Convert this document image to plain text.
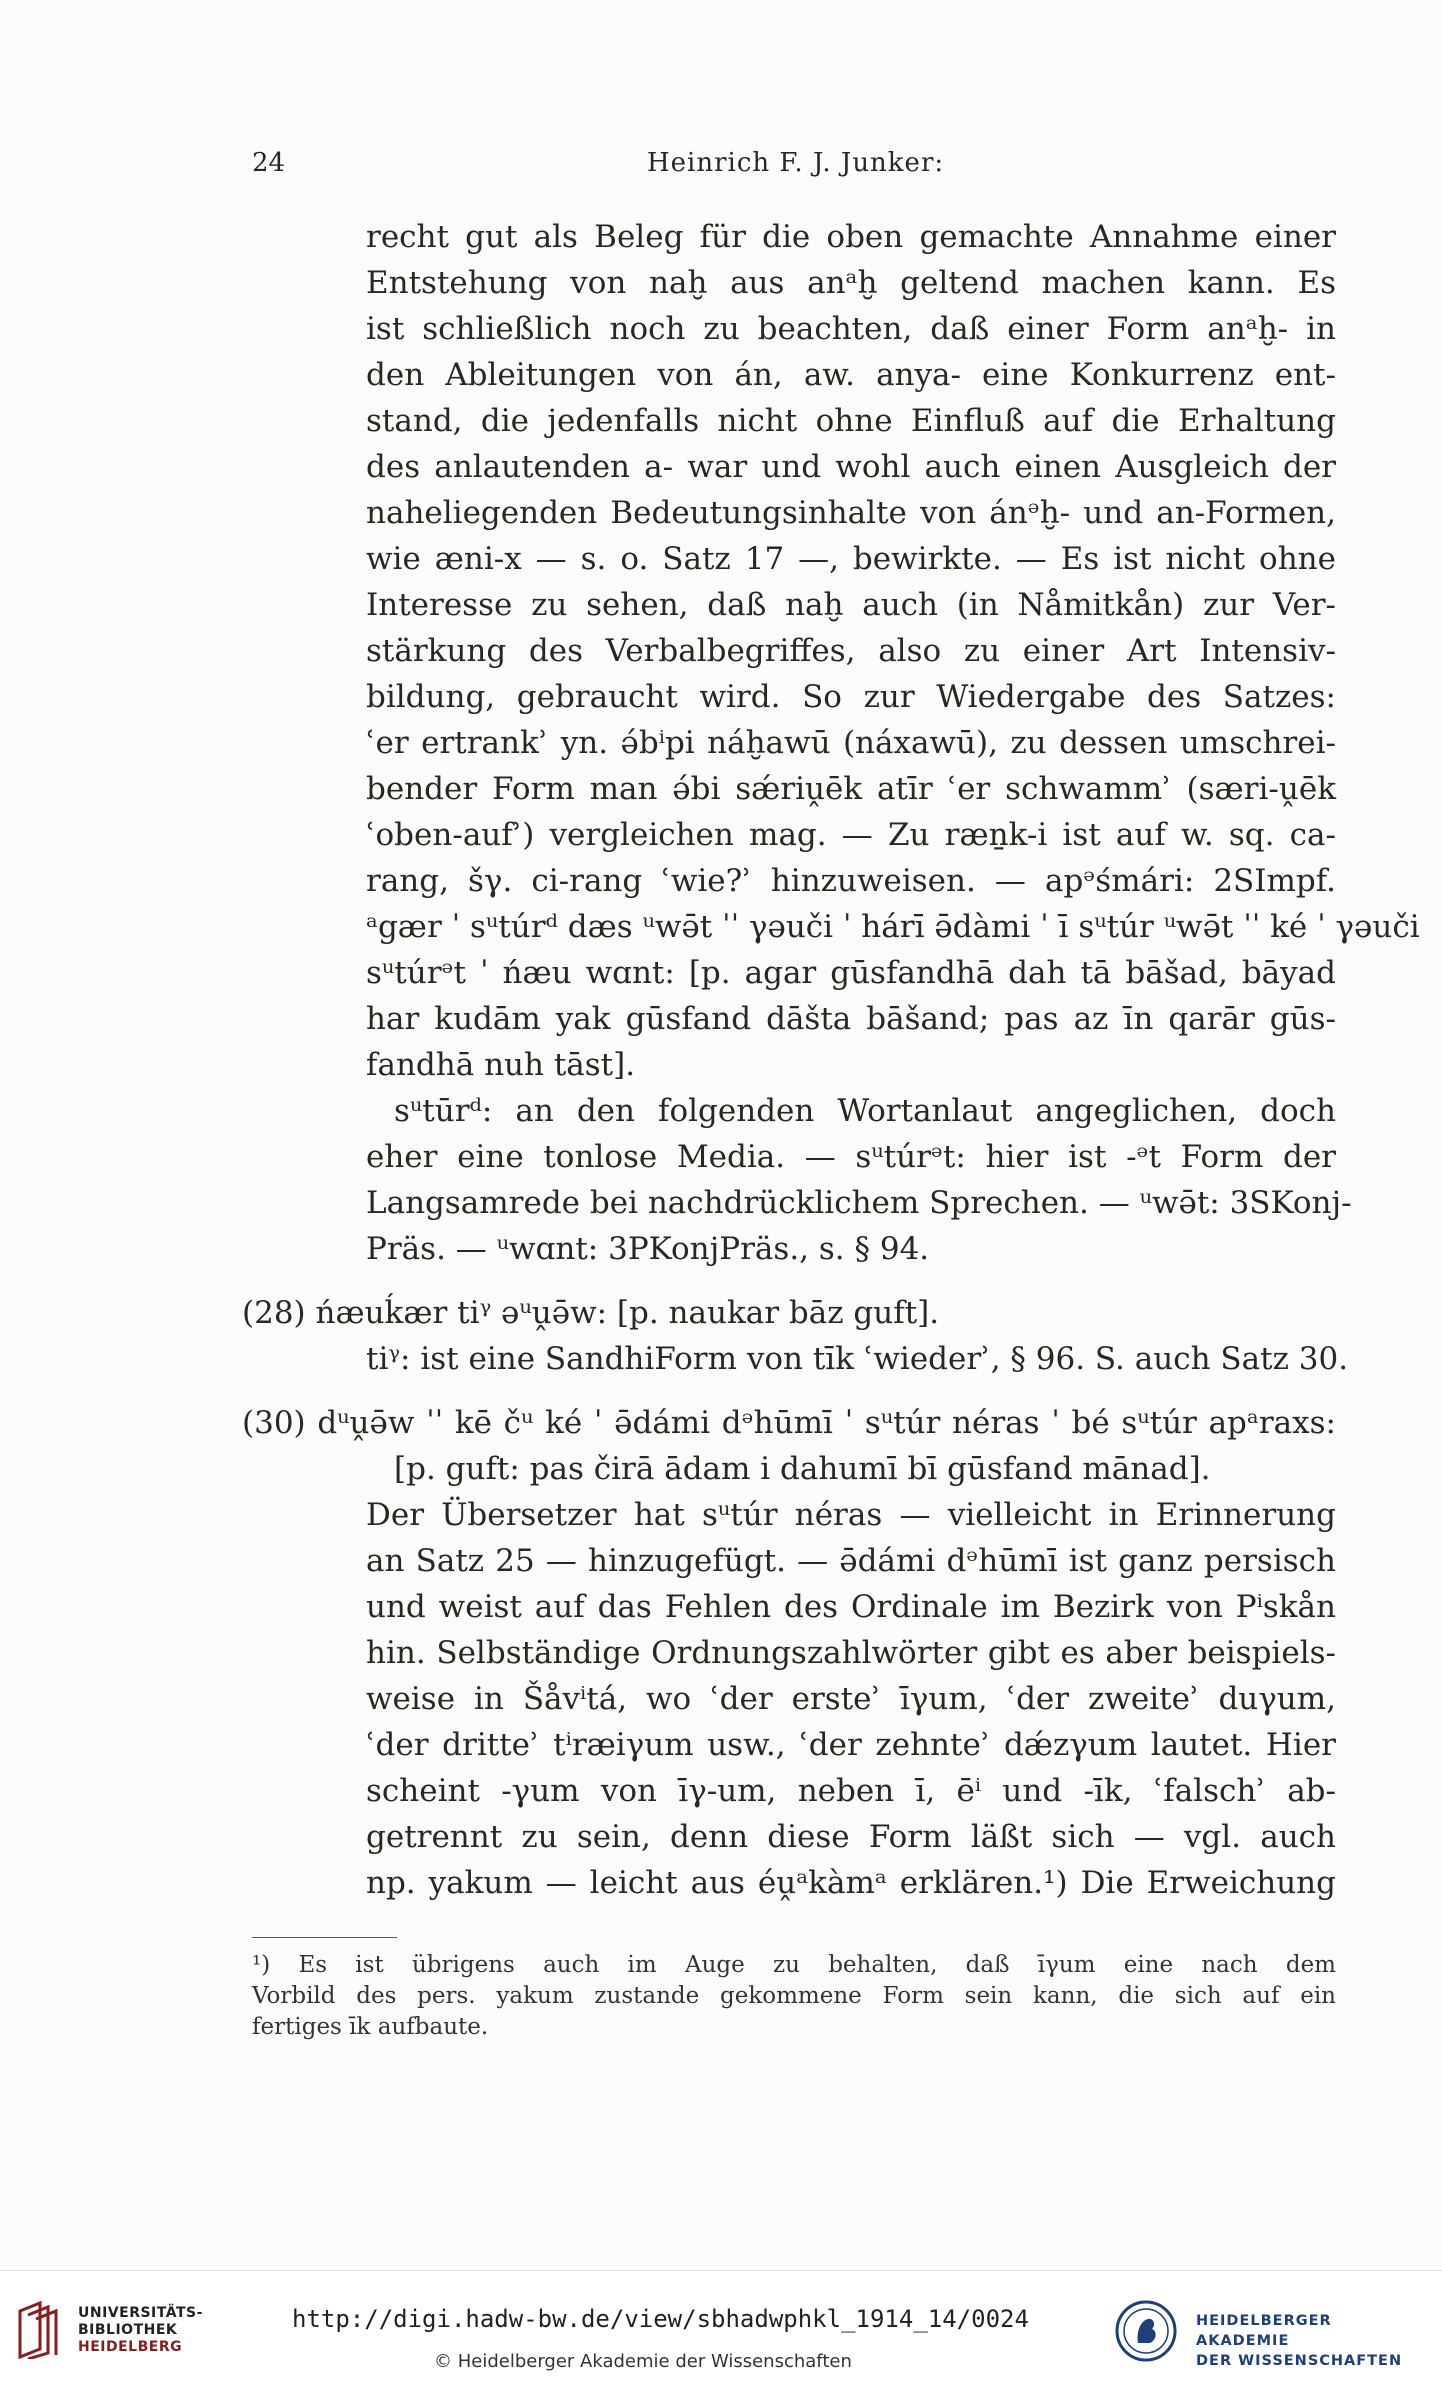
24	Heinrich F. J. Junker:
recht gut als Beleg für die oben gemachte Annahme einer
Entstehung von naḫ aus anᵃḫ geltend machen kann. Es
ist schließlich noch zu beachten, daß einer Form anᵃḫ- in
den Ableitungen von án, aw. anya- eine Konkurrenz ent-
stand, die jedenfalls nicht ohne Einfluß auf die Erhaltung
des anlautenden a- war und wohl auch einen Ausgleich der
naheliegenden Bedeutungsinhalte von ánᵊḫ- und an-Formen,
wie æni-x — s. o. Satz 17 —, bewirkte. — Es ist nicht ohne
Interesse zu sehen, daß naḫ auch (in Nåmitkån) zur Ver-
stärkung des Verbalbegriffes, also zu einer Art Intensiv-
bildung, gebraucht wird. So zur Wiedergabe des Satzes:
ʿer ertrankʾ yn. ə́bⁱpi náḫawū (náxawū), zu dessen umschrei-
bender Form man ə́bi sǽriṷēk atīr ʿer schwammʾ (særi-ṷēk
ʿoben-aufʾ) vergleichen mag. — Zu ræṉk-i ist auf w. sq. ca-
rang, šγ. ci-rang ʿwie?ʾ hinzuweisen. — apᵊśmári: 2SImpf.
ᵃgær ˈ sᵘtúrᵈ dæs ᵘwə̄t ˈˈ γəuči ˈ hárī ə̄dàmi ˈ ī sᵘtúr ᵘwə̄t ˈˈ ké ˈ γəuči
sᵘtúrᵊt ˈ ńæu wɑnt: [p. agar gūsfandhā dah tā bāšad, bāyad
har kudām yak gūsfand dāšta bāšand; pas az īn qarār gūs-
fandhā nuh tāst].
sᵘtūrᵈ: an den folgenden Wortanlaut angeglichen, doch
eher eine tonlose Media. — sᵘtúrᵊt: hier ist -ᵊt Form der
Langsamrede bei nachdrücklichem Sprechen. — ᵘwə̄t: 3SKonj-
Präs. — ᵘwɑnt: 3PKonjPräs., s. § 94.
(28) ńæuḱær tiᵞ əᵘṷə̄w: [p. naukar bāz guft].
tiᵞ: ist eine SandhiForm von tīk ʿwiederʾ, § 96. S. auch Satz 30.
(30) dᵘṷə̄w ˈˈ kē čᵘ ké ˈ ə̄dámi dᵊhūmī ˈ sᵘtúr néras ˈ bé sᵘtúr apᵃraxs:
[p. guft: pas čirā ādam i dahumī bī gūsfand mānad].
Der Übersetzer hat sᵘtúr néras — vielleicht in Erinnerung
an Satz 25 — hinzugefügt. — ə̄dámi dᵊhūmī ist ganz persisch
und weist auf das Fehlen des Ordinale im Bezirk von Pⁱskån
hin. Selbständige Ordnungszahlwörter gibt es aber beispiels-
weise in Šåvⁱtá, wo ʿder ersteʾ īγum, ʿder zweiteʾ duγum,
ʿder dritteʾ tⁱræiγum usw., ʿder zehnteʾ dǽzγum lautet. Hier
scheint -γum von īγ-um, neben ī, ēⁱ und -īk, ʿfalschʾ ab-
getrennt zu sein, denn diese Form läßt sich — vgl. auch
np. yakum — leicht aus éṷᵃkàmᵃ erklären.¹) Die Erweichung
¹) Es ist übrigens auch im Auge zu behalten, daß īγum eine nach dem
Vorbild des pers. yakum zustande gekommene Form sein kann, die sich auf ein
fertiges īk aufbaute.
UNIVERSITÄTS-
BIBLIOTHEK
HEIDELBERG
http://digi.hadw-bw.de/view/sbhadwphkl_1914_14/0024
© Heidelberger Akademie der Wissenschaften
HEIDELBERGER AKADEMIE
DER WISSENSCHAFTEN
